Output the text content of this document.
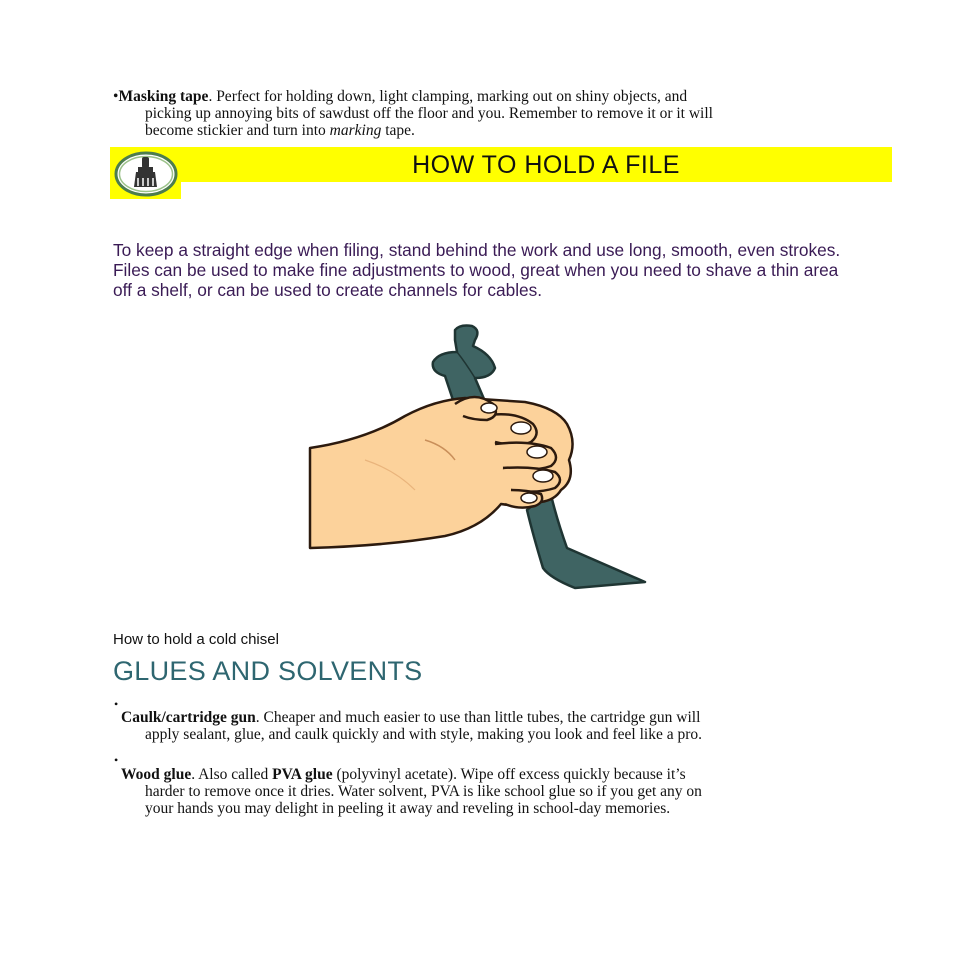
•Masking tape. Perfect for holding down, light clamping, marking out on shiny objects, and
picking up annoying bits of sawdust off the floor and you. Remember to remove it or it will
become stickier and turn into marking tape.
HOW TO HOLD A FILE
To keep a straight edge when filing, stand behind the work and use long, smooth, even strokes. Files can be used to make fine adjustments to wood, great when you need to shave a thin area off a shelf, or can be used to create channels for cables.
How to hold a cold chisel
GLUES AND SOLVENTS
•
Caulk/cartridge gun. Cheaper and much easier to use than little tubes, the cartridge gun will
apply sealant, glue, and caulk quickly and with style, making you look and feel like a pro.
•
Wood glue. Also called PVA glue (polyvinyl acetate). Wipe off excess quickly because it’s
harder to remove once it dries. Water solvent, PVA is like school glue so if you get any on
your hands you may delight in peeling it away and reveling in school-day memories.
